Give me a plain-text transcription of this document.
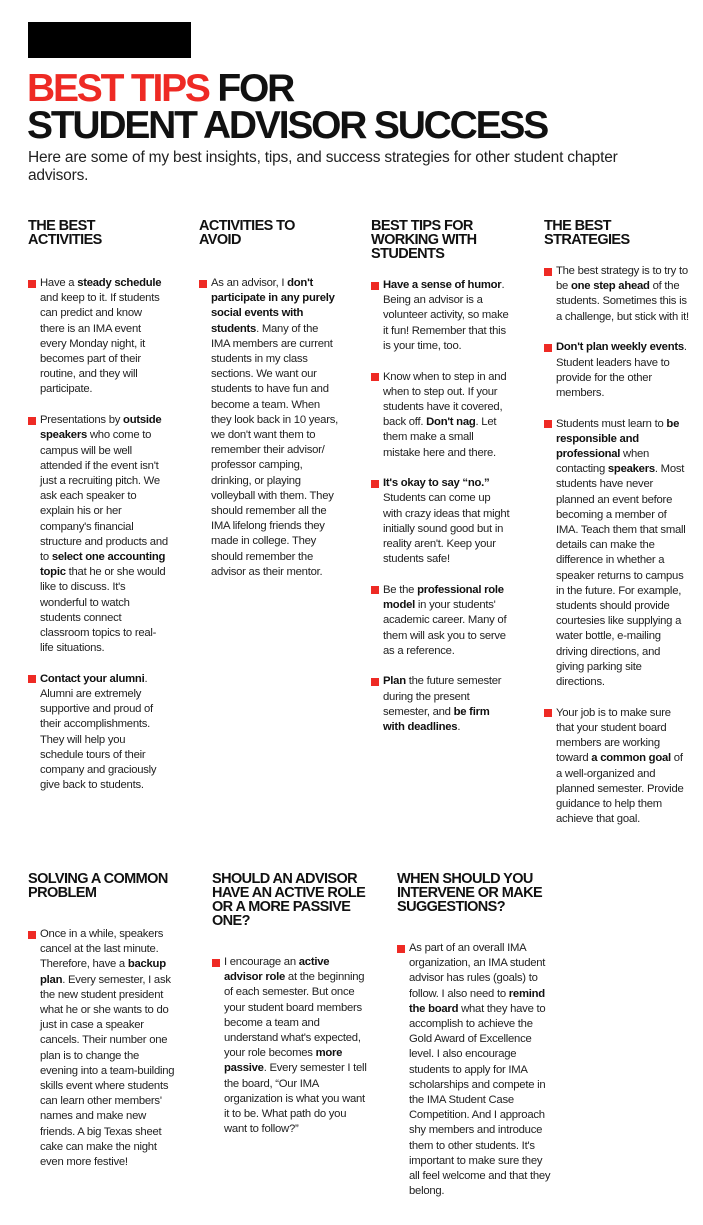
BEST TIPS FOR
STUDENT ADVISOR SUCCESS

Here are some of my best insights, tips, and success strategies for other student chapter advisors.

THE BEST ACTIVITIES
Have a steady schedule and keep to it. If students can predict and know there is an IMA event every Monday night, it becomes part of their routine, and they will participate.
Presentations by outside speakers who come to campus will be well attended if the event isn't just a recruiting pitch. We ask each speaker to explain his or her company's financial structure and products and to select one accounting topic that he or she would like to discuss. It's wonderful to watch students connect classroom topics to real-life situations.
Contact your alumni. Alumni are extremely supportive and proud of their accomplishments. They will help you schedule tours of their company and graciously give back to students.
ACTIVITIES TO AVOID
As an advisor, I don't participate in any purely social events with students. Many of the IMA members are current students in my class sections. We want our students to have fun and become a team. When they look back in 10 years, we don't want them to remember their advisor/ professor camping, drinking, or playing volleyball with them. They should remember all the IMA lifelong friends they made in college. They should remember the advisor as their mentor.
BEST TIPS FOR
WORKING WITH
STUDENTS
Have a sense of humor. Being an advisor is a volunteer activity, so make it fun! Remember that this is your time, too.
Know when to step in and when to step out. If your students have it covered, back off. Don't nag. Let them make a small mistake here and there.
It's okay to say “no.” Students can come up with crazy ideas that might initially sound good but in reality aren't. Keep your students safe!
Be the professional role model in your students' academic career. Many of them will ask you to serve as a reference.
Plan the future semester during the present semester, and be firm with deadlines.
THE BEST
STRATEGIES
The best strategy is to try to be one step ahead of the students. Sometimes this is a challenge, but stick with it!
Don't plan weekly events. Student leaders have to provide for the other members.
Students must learn to be responsible and professional when contacting speakers. Most students have never planned an event before becoming a member of IMA. Teach them that small details can make the difference in whether a speaker returns to campus in the future. For example, students should provide courtesies like supplying a water bottle, e-mailing driving directions, and giving parking site directions.
Your job is to make sure that your student board members are working toward a common goal of a well-organized and planned semester. Provide guidance to help them achieve that goal.
SOLVING A COMMON
PROBLEM
Once in a while, speakers cancel at the last minute. Therefore, have a backup plan. Every semester, I ask the new student president what he or she wants to do just in case a speaker cancels. Their number one plan is to change the evening into a team-building skills event where students can learn other members' names and make new friends. A big Texas sheet cake can make the night even more festive!
SHOULD AN ADVISOR
HAVE AN ACTIVE ROLE
OR A MORE PASSIVE
ONE?
I encourage an active advisor role at the beginning of each semester. But once your student board members become a team and understand what's expected, your role becomes more passive. Every semester I tell the board, “Our IMA organization is what you want it to be. What path do you want to follow?”
WHEN SHOULD YOU
INTERVENE OR MAKE
SUGGESTIONS?
As part of an overall IMA organization, an IMA student advisor has rules (goals) to follow. I also need to remind the board what they have to accomplish to achieve the Gold Award of Excellence level. I also encourage students to apply for IMA scholarships and compete in the IMA Student Case Competition. And I approach shy members and introduce them to other students. It's important to make sure they all feel welcome and that they belong.
